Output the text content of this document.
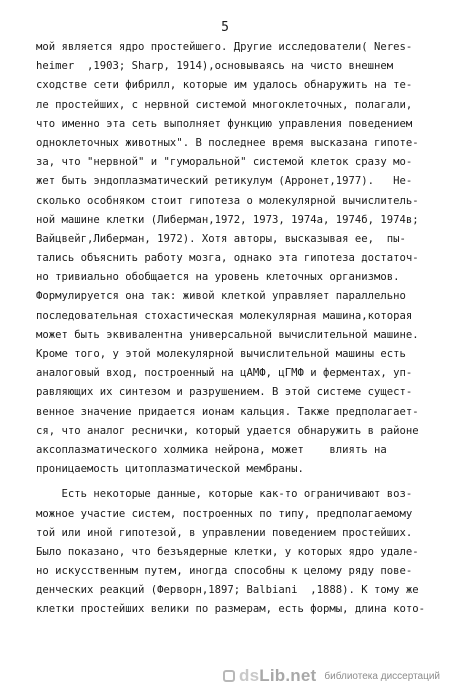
5
мой является ядро простейшего. Другие исследователи( Neres-
heimer  ,1903; Sharp, 1914),основываясь на чисто внешнем
сходстве сети фибрилл, которые им удалось обнаружить на те-
ле простейших, с нервной системой многоклеточных, полагали,
что именно эта сеть выполняет функцию управления поведением
одноклеточных животных". В последнее время высказана гипоте-
за, что "нервной" и "гуморальной" системой клеток сразу мо-
жет быть эндоплазматический ретикулум (Арронет,1977).   Не-
сколько особняком стоит гипотеза о молекулярной вычислитель-
ной машине клетки (Либерман,1972, 1973, 1974а, 1974б, 1974в;
Вайцвейг,Либерман, 1972). Хотя авторы, высказывая ее,  пы-
тались объяснить работу мозга, однако эта гипотеза достаточ-
но тривиально обобщается на уровень клеточных организмов.
Формулируется она так: живой клеткой управляет параллельно
последовательная стохастическая молекулярная машина,которая
может быть эквивалентна универсальной вычислительной машине.
Кроме того, у этой молекулярной вычислительной машины есть
аналоговый вход, построенный на цАМФ, цГМФ и ферментах, уп-
равляющих их синтезом и разрушением. В этой системе сущест-
венное значение придается ионам кальция. Также предполагает-
ся, что аналог реснички, который удается обнаружить в районе
аксоплазматического холмика нейрона, может    влиять на
проницаемость цитоплазматической мембраны.
Есть некоторые данные, которые как-то ограничивают воз-
можное участие систем, построенных по типу, предполагаемому
той или иной гипотезой, в управлении поведением простейших.
Было показано, что безъядерные клетки, у которых ядро удале-
но искусственным путем, иногда способны к целому ряду пове-
денческих реакций (Ферворн,1897; Balbiani  ,1888). К тому же
клетки простейших велики по размерам, есть формы, длина кото-
dsLib.net библиотека диссертаций
